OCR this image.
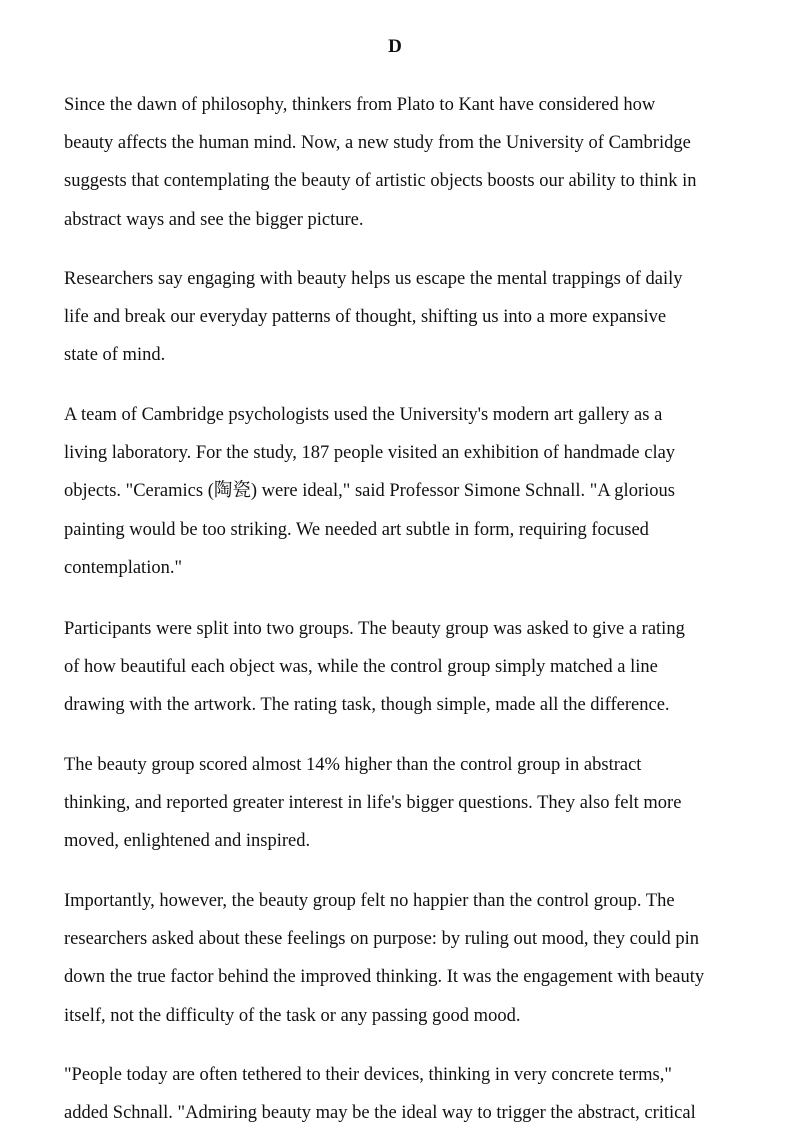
D

Since the dawn of philosophy, thinkers from Plato to Kant have considered how
beauty affects the human mind. Now, a new study from the University of Cambridge
suggests that contemplating the beauty of artistic objects boosts our ability to think in
abstract ways and see the bigger picture.

Researchers say engaging with beauty helps us escape the mental trappings of daily
life and break our everyday patterns of thought, shifting us into a more expansive
state of mind.

A team of Cambridge psychologists used the University's modern art gallery as a
living laboratory. For the study, 187 people visited an exhibition of handmade clay
objects. "Ceramics (陶瓷) were ideal," said Professor Simone Schnall. "A glorious
painting would be too striking. We needed art subtle in form, requiring focused
contemplation."

Participants were split into two groups. The beauty group was asked to give a rating
of how beautiful each object was, while the control group simply matched a line
drawing with the artwork. The rating task, though simple, made all the difference.

The beauty group scored almost 14% higher than the control group in abstract
thinking, and reported greater interest in life's bigger questions. They also felt more
moved, enlightened and inspired.

Importantly, however, the beauty group felt no happier than the control group. The
researchers asked about these feelings on purpose: by ruling out mood, they could pin
down the true factor behind the improved thinking. It was the engagement with beauty
itself, not the difficulty of the task or any passing good mood.

"People today are often tethered to their devices, thinking in very concrete terms,"
added Schnall. "Admiring beauty may be the ideal way to trigger the abstract, critical
